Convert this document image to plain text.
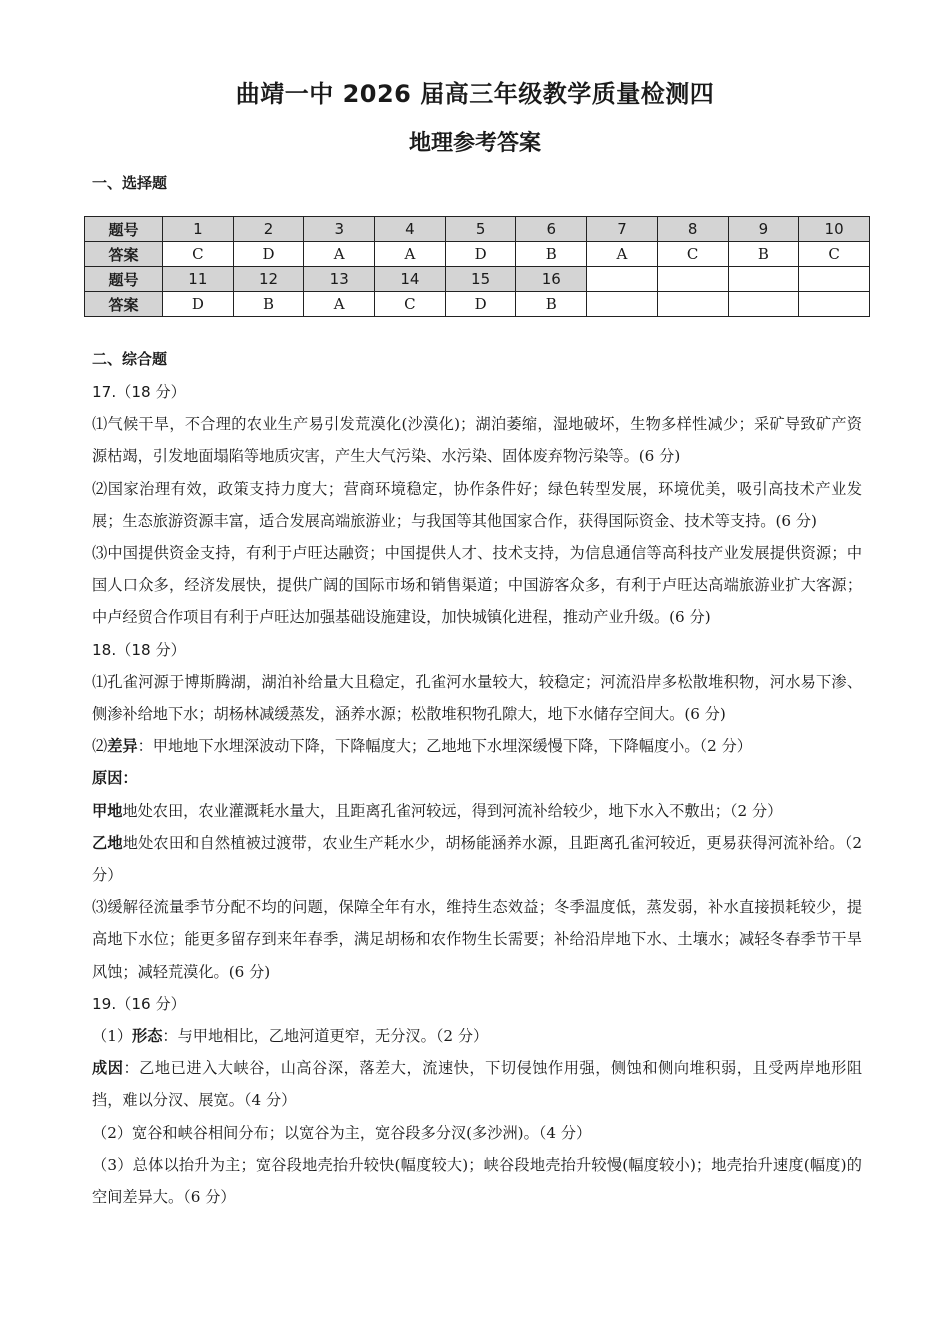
曲靖一中 2026 届高三年级教学质量检测四
地理参考答案
一、选择题
题号	1	2	3	4	5	6	7	8	9	10
答案	C	D	A	A	D	B	A	C	B	C
题号	11	12	13	14	15	16				
答案	D	B	A	C	D	B				
二、综合题

17.（18 分）

⑴气候干旱，不合理的农业生产易引发荒漠化(沙漠化)；湖泊萎缩，湿地破坏，生物多样性减少；采矿导致矿产资源枯竭，引发地面塌陷等地质灾害，产生大气污染、水污染、固体废弃物污染等。(6 分)

⑵国家治理有效，政策支持力度大；营商环境稳定，协作条件好；绿色转型发展，环境优美，吸引高技术产业发展；生态旅游资源丰富，适合发展高端旅游业；与我国等其他国家合作，获得国际资金、技术等支持。(6 分)

⑶中国提供资金支持，有利于卢旺达融资；中国提供人才、技术支持，为信息通信等高科技产业发展提供资源；中国人口众多，经济发展快，提供广阔的国际市场和销售渠道；中国游客众多，有利于卢旺达高端旅游业扩大客源；中卢经贸合作项目有利于卢旺达加强基础设施建设，加快城镇化进程，推动产业升级。(6 分)

18.（18 分）

⑴孔雀河源于博斯腾湖，湖泊补给量大且稳定，孔雀河水量较大，较稳定；河流沿岸多松散堆积物，河水易下渗、侧渗补给地下水；胡杨林减缓蒸发，涵养水源；松散堆积物孔隙大，地下水储存空间大。(6 分)

⑵差异：甲地地下水埋深波动下降，下降幅度大；乙地地下水埋深缓慢下降，下降幅度小。（2 分）

原因：

甲地地处农田，农业灌溉耗水量大，且距离孔雀河较远，得到河流补给较少，地下水入不敷出；（2 分）

乙地地处农田和自然植被过渡带，农业生产耗水少，胡杨能涵养水源，且距离孔雀河较近，更易获得河流补给。（2 分）

⑶缓解径流量季节分配不均的问题，保障全年有水，维持生态效益；冬季温度低，蒸发弱，补水直接损耗较少，提高地下水位；能更多留存到来年春季，满足胡杨和农作物生长需要；补给沿岸地下水、土壤水；减轻冬春季节干旱风蚀；减轻荒漠化。(6 分)

19.（16 分）

（1）形态：与甲地相比，乙地河道更窄，无分汊。（2 分）

成因：乙地已进入大峡谷，山高谷深，落差大，流速快，下切侵蚀作用强，侧蚀和侧向堆积弱，且受两岸地形阻挡，难以分汊、展宽。（4 分）

（2）宽谷和峡谷相间分布；以宽谷为主，宽谷段多分汊(多沙洲)。（4 分）

（3）总体以抬升为主；宽谷段地壳抬升较快(幅度较大)；峡谷段地壳抬升较慢(幅度较小)；地壳抬升速度(幅度)的空间差异大。（6 分）
